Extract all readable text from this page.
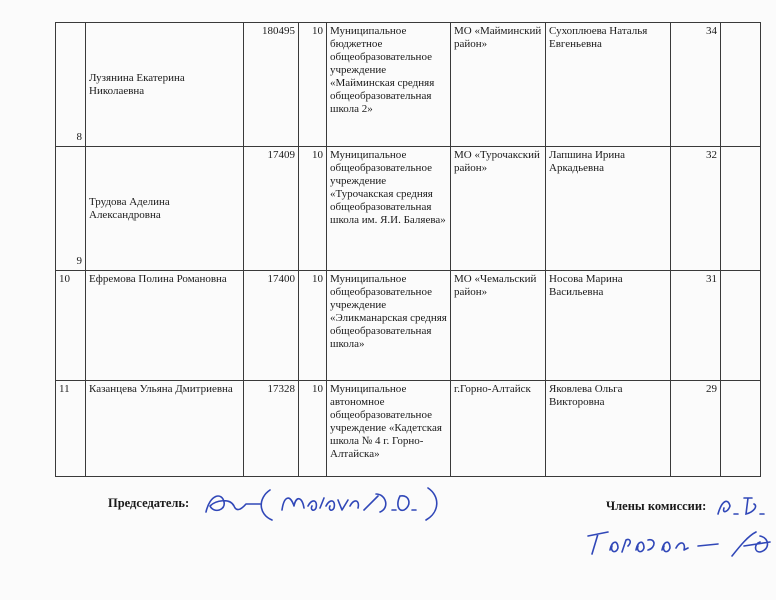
8	Лузянина Екатерина Николаевна	180495	10	Муниципальное бюджетное общеобразовательное учреждение «Майминская средняя общеобразовательная школа 2»	МО «Майминский район»	Сухоплюева Наталья Евгеньевна	34	
9	Трудова Аделина Александровна	17409	10	Муниципальное общеобразовательное учреждение «Турочакская средняя общеобразовательная школа им. Я.И. Баляева»	МО «Турочакский район»	Лапшина Ирина Аркадьевна	32	
10	Ефремова Полина Романовна	17400	10	Муниципальное общеобразовательное учреждение «Эликманарская средняя общеобразовательная школа»	МО «Чемальский район»	Носова Марина Васильевна	31	
11	Казанцева Ульяна Дмитриевна	17328	10	Муниципальное автономное общеобразовательное учреждение «Кадетская школа № 4 г. Горно-Алтайска»	г.Горно-Алтайск	Яковлева Ольга Викторовна	29	
Председатель:	Члены комиссии:
